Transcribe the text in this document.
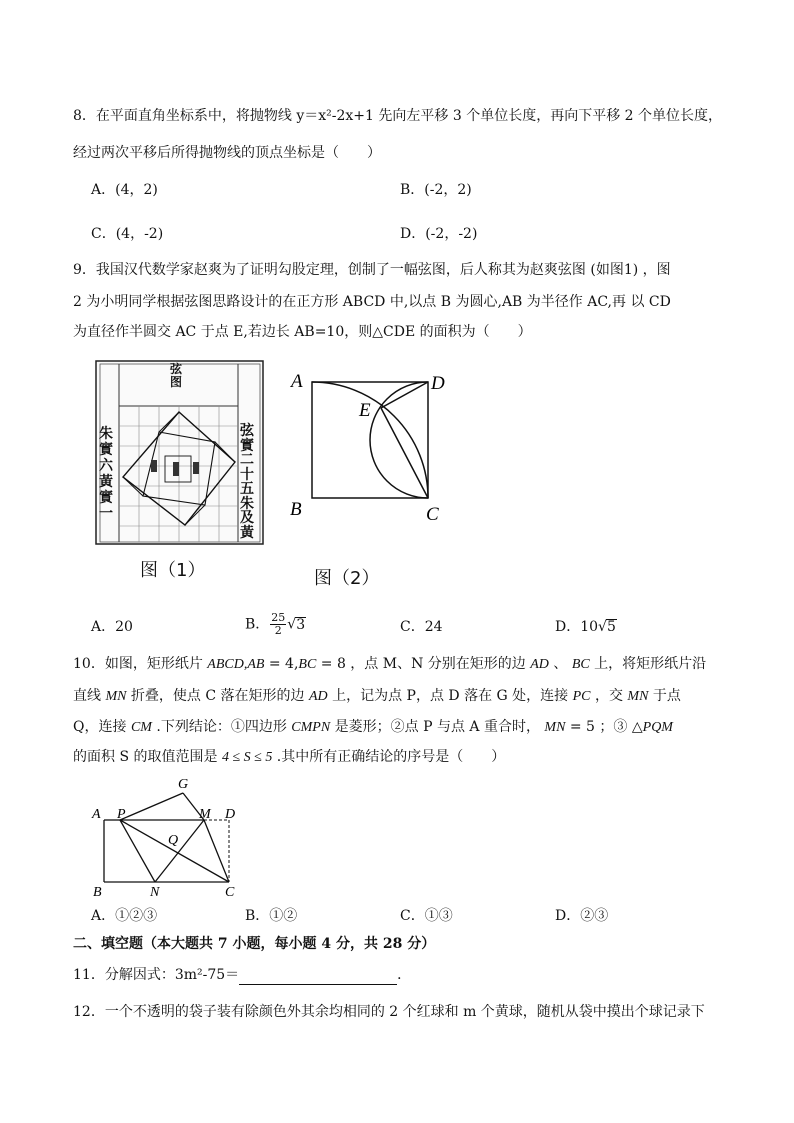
8．在平面直角坐标系中，将抛物线 y＝x²-2x+1 先向左平移 3 个单位长度，再向下平移 2 个单位长度，
经过两次平移后所得抛物线的顶点坐标是（　　）
A．(4，2)	B．(-2，2)
C．(4，-2)	D．(-2，-2)
9．我国汉代数学家赵爽为了证明勾股定理，创制了一幅弦图，后人称其为赵爽弦图 (如图1) ，图
2 为小明同学根据弦图思路设计的在正方形 ABCD 中,以点 B 为圆心,AB 为半径作 AC,再 以 CD
为直径作半圆交 AC 于点 E,若边长 AB=10，则△CDE 的面积为（　　）
弦图
朱實六黃實一
弦實二十五朱及黃
图（1）
A	D
E
B	C
图（2）
A．20	B． $\frac{25}{2} √3$	C．24	D．10√5
10．如图，矩形纸片 ABCD,AB = 4,BC = 8 ，点 M、N 分别在矩形的边 AD 、 BC 上，将矩形纸片沿
直线 MN 折叠，使点 C 落在矩形的边 AD 上，记为点 P，点 D 落在 G 处，连接 PC ，交 MN 于点
Q，连接 CM .下列结论：①四边形 CMPN 是菱形；②点 P 与点 A 重合时， MN = 5 ；③ △PQM
的面积 S 的取值范围是 4 ≤ S ≤ 5 .其中所有正确结论的序号是（　　）
A P
G
M D
Q
B	N	C
A．①②③	B．①②	C．①③	D．②③
二、填空题（本大题共 7 小题，每小题 4 分，共 28 分）
11．分解因式：3m²-75＝	．
12．一个不透明的袋子装有除颜色外其余均相同的 2 个红球和 m 个黄球，随机从袋中摸出个球记录下
